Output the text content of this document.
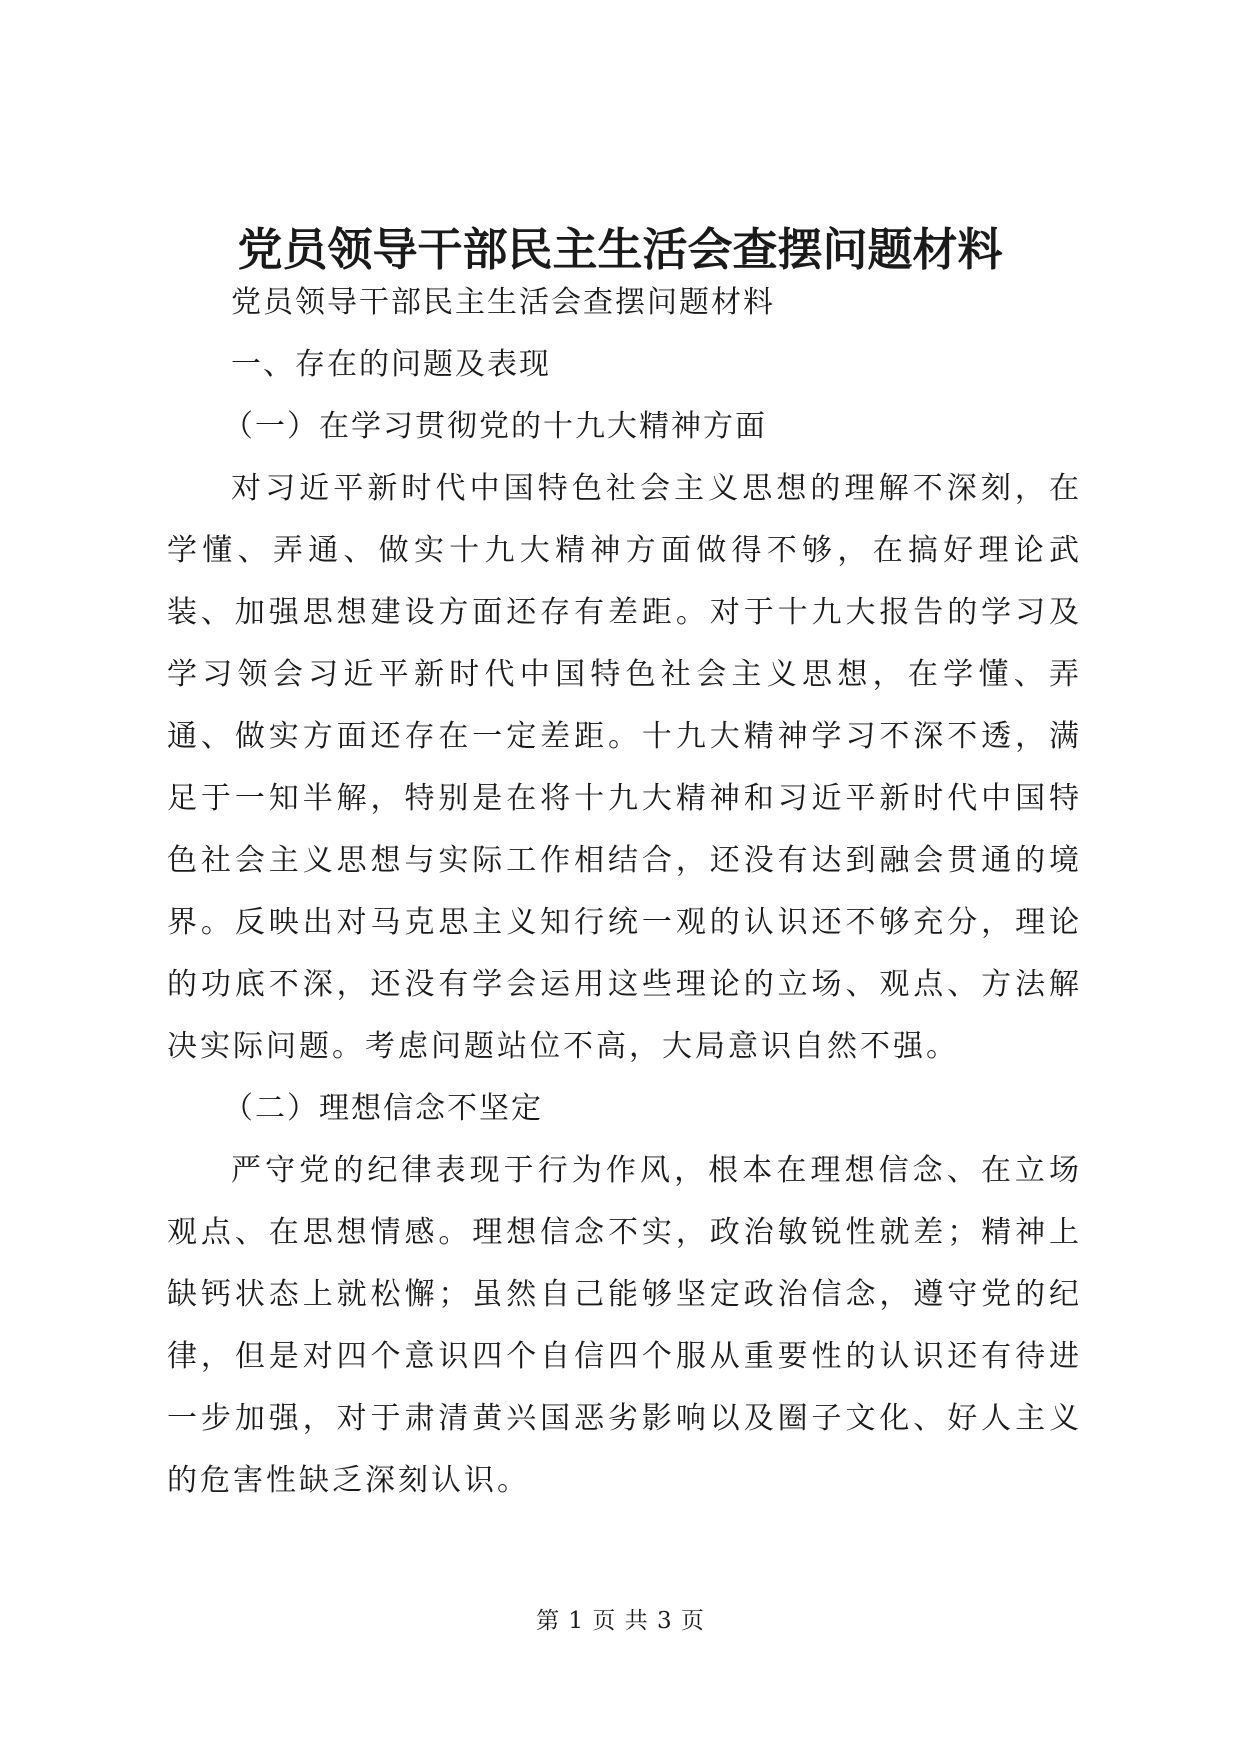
党员领导干部民主生活会查摆问题材料

党员领导干部民主生活会查摆问题材料

一、存在的问题及表现

（一）在学习贯彻党的十九大精神方面

对习近平新时代中国特色社会主义思想的理解不深刻，在学懂、弄通、做实十九大精神方面做得不够，在搞好理论武装、加强思想建设方面还存有差距。对于十九大报告的学习及学习领会习近平新时代中国特色社会主义思想，在学懂、弄通、做实方面还存在一定差距。十九大精神学习不深不透，满足于一知半解，特别是在将十九大精神和习近平新时代中国特色社会主义思想与实际工作相结合，还没有达到融会贯通的境界。反映出对马克思主义知行统一观的认识还不够充分，理论的功底不深，还没有学会运用这些理论的立场、观点、方法解决实际问题。考虑问题站位不高，大局意识自然不强。

（二）理想信念不坚定

严守党的纪律表现于行为作风，根本在理想信念、在立场观点、在思想情感。理想信念不实，政治敏锐性就差；精神上缺钙状态上就松懈；虽然自己能够坚定政治信念，遵守党的纪律，但是对四个意识四个自信四个服从重要性的认识还有待进一步加强，对于肃清黄兴国恶劣影响以及圈子文化、好人主义的危害性缺乏深刻认识。

第 1 页 共 3 页
